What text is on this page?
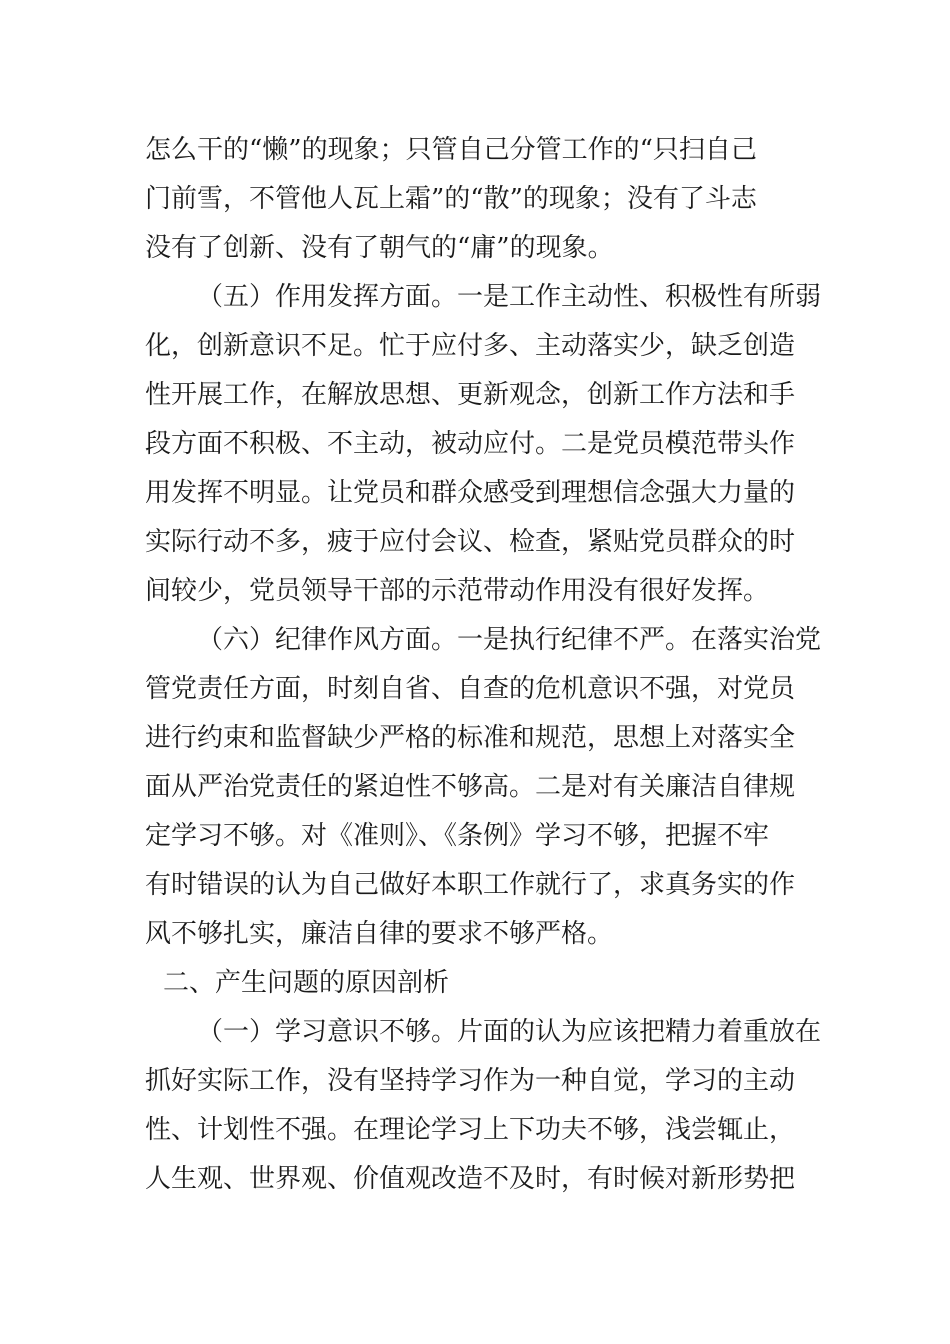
怎么干的“懒”的现象；只管自己分管工作的“只扫自己
门前雪，不管他人瓦上霜”的“散”的现象；没有了斗志
没有了创新、没有了朝气的“庸”的现象。
（五）作用发挥方面。一是工作主动性、积极性有所弱
化，创新意识不足。忙于应付多、主动落实少，缺乏创造
性开展工作，在解放思想、更新观念，创新工作方法和手
段方面不积极、不主动，被动应付。二是党员模范带头作
用发挥不明显。让党员和群众感受到理想信念强大力量的
实际行动不多，疲于应付会议、检查，紧贴党员群众的时
间较少，党员领导干部的示范带动作用没有很好发挥。
（六）纪律作风方面。一是执行纪律不严。在落实治党
管党责任方面，时刻自省、自查的危机意识不强，对党员
进行约束和监督缺少严格的标准和规范，思想上对落实全
面从严治党责任的紧迫性不够高。二是对有关廉洁自律规
定学习不够。对《准则》、《条例》学习不够，把握不牢
有时错误的认为自己做好本职工作就行了，求真务实的作
风不够扎实，廉洁自律的要求不够严格。
二、产生问题的原因剖析
（一）学习意识不够。片面的认为应该把精力着重放在
抓好实际工作，没有坚持学习作为一种自觉，学习的主动
性、计划性不强。在理论学习上下功夫不够，浅尝辄止，
人生观、世界观、价值观改造不及时，有时候对新形势把
